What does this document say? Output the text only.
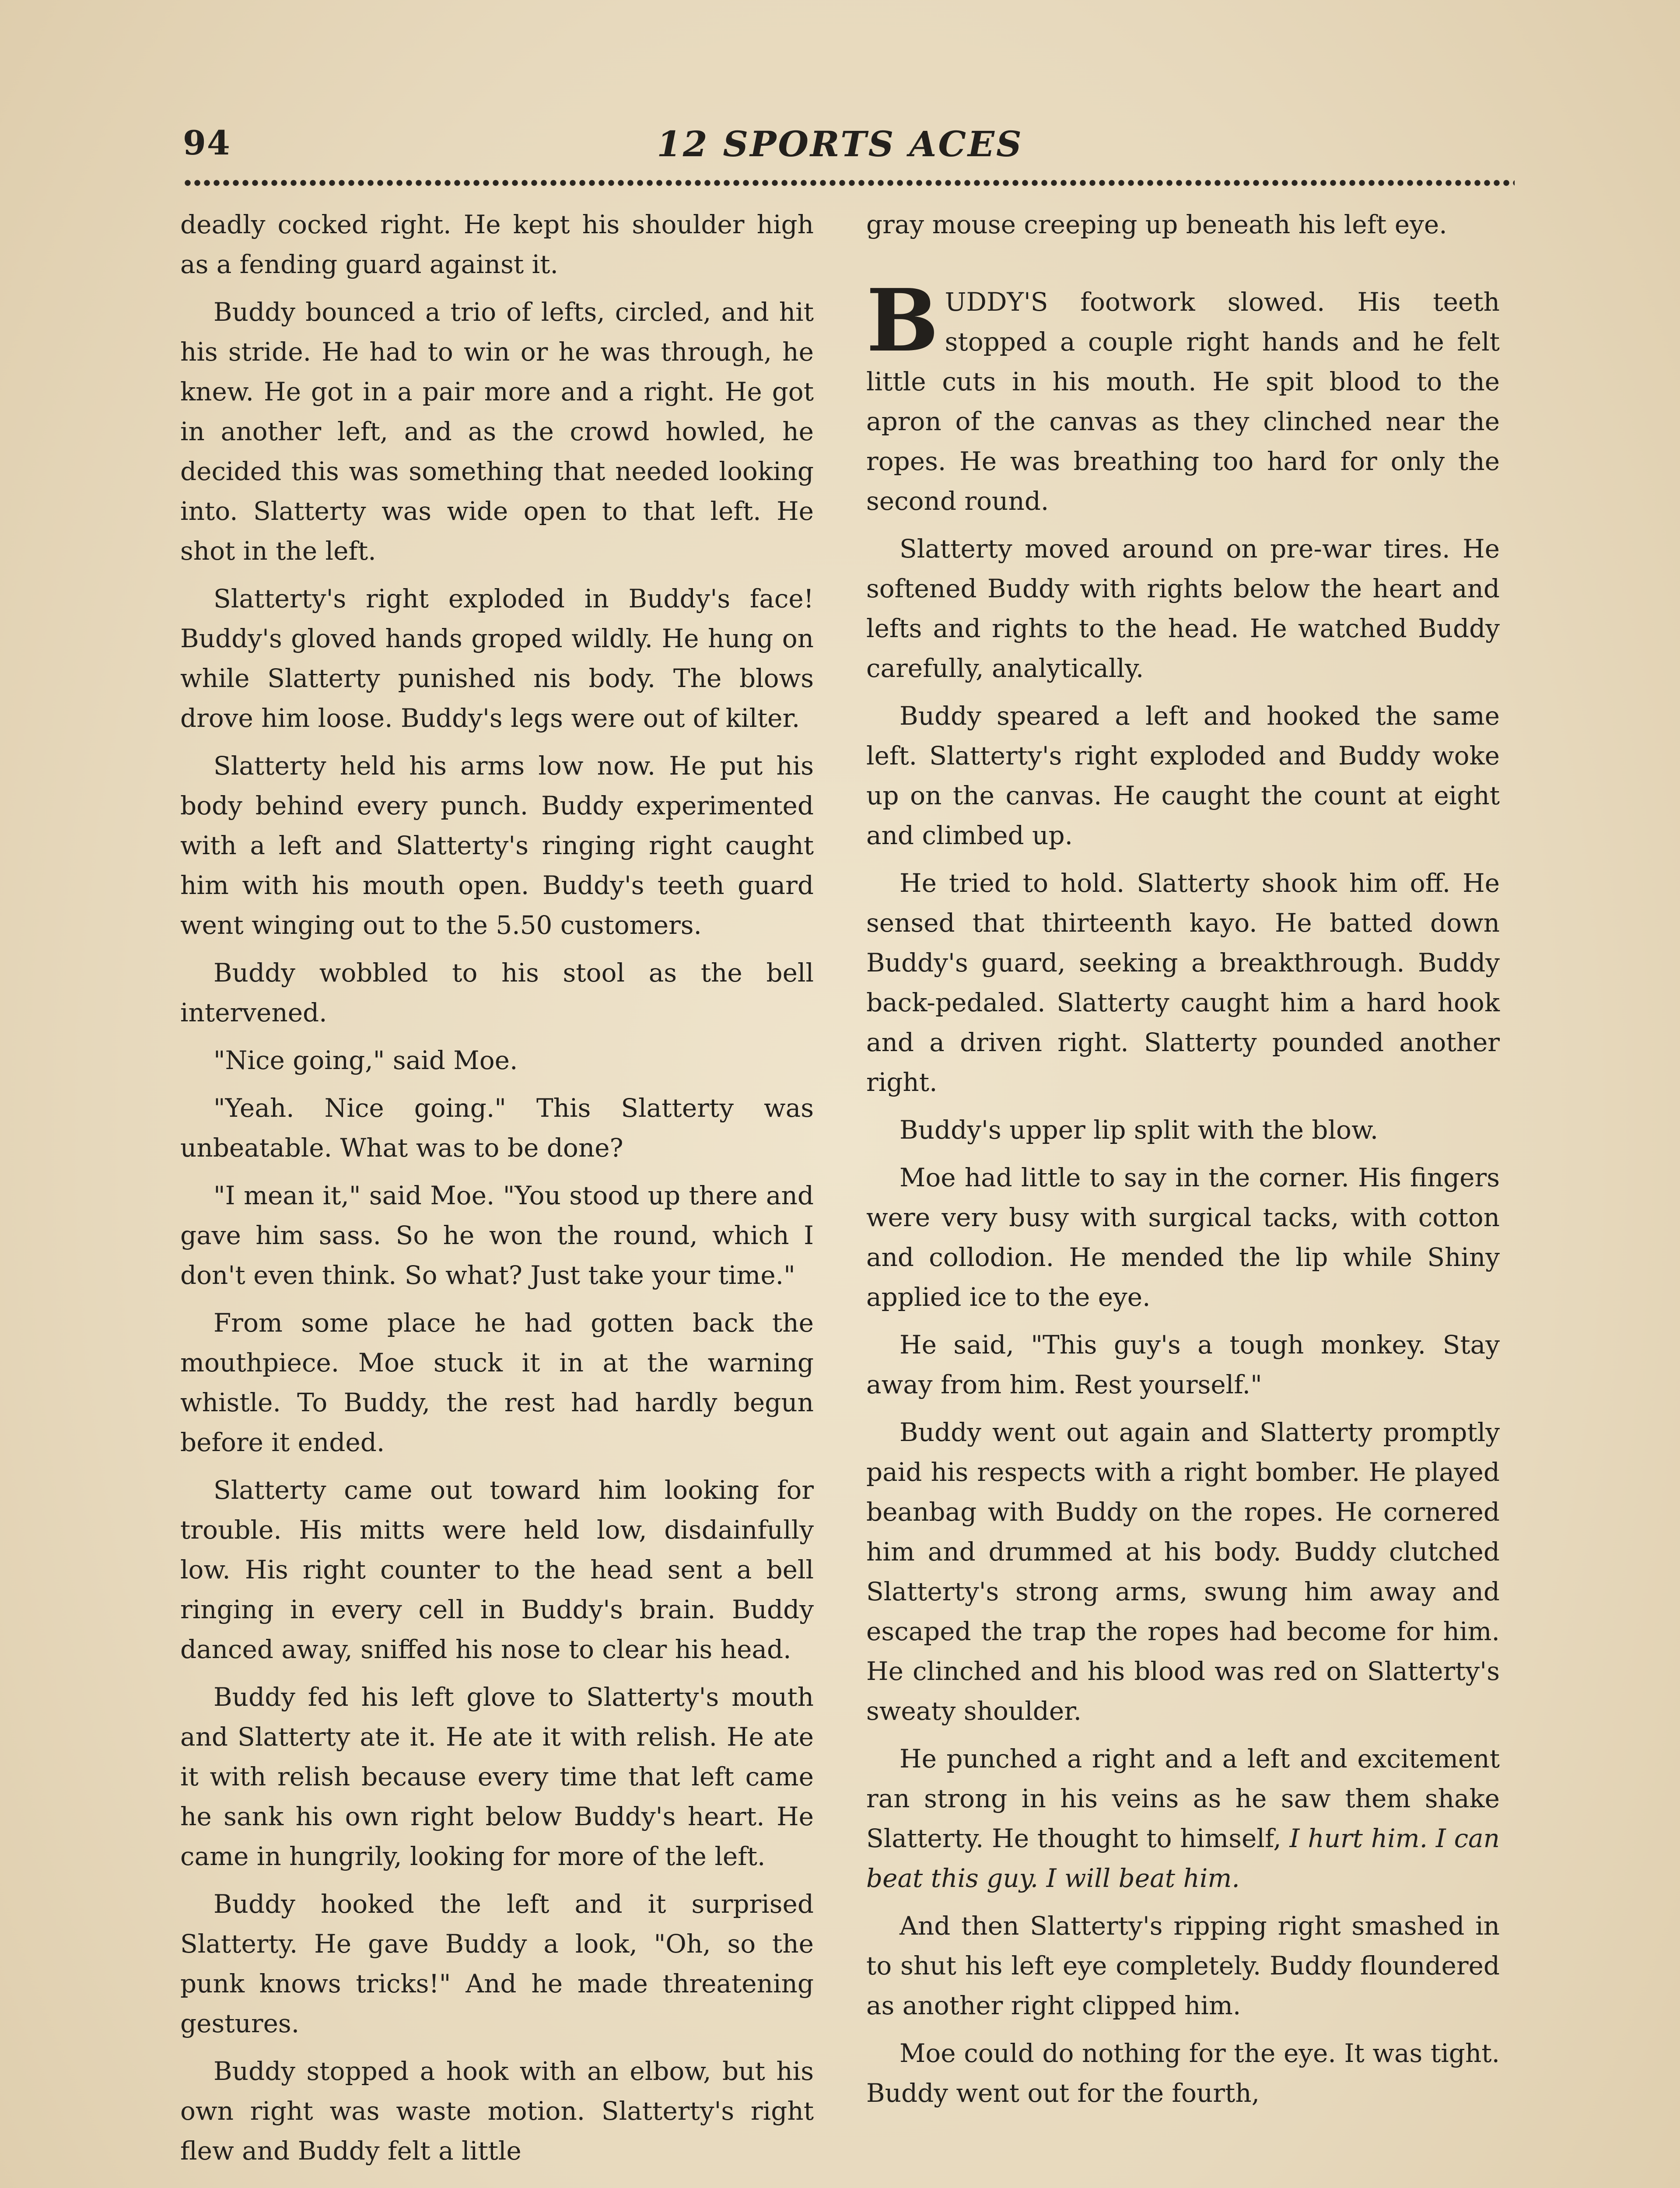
94	12 SPORTS ACES

deadly cocked right. He kept his shoulder high as a fending guard against it.

Buddy bounced a trio of lefts, circled, and hit his stride. He had to win or he was through, he knew. He got in a pair more and a right. He got in another left, and as the crowd howled, he decided this was something that needed looking into. Slatterty was wide open to that left. He shot in the left.

Slatterty's right exploded in Buddy's face! Buddy's gloved hands groped wildly. He hung on while Slatterty punished nis body. The blows drove him loose. Buddy's legs were out of kilter.

Slatterty held his arms low now. He put his body behind every punch. Buddy experimented with a left and Slatterty's ringing right caught him with his mouth open. Buddy's teeth guard went winging out to the 5.50 customers.

Buddy wobbled to his stool as the bell intervened.

"Nice going," said Moe.

"Yeah. Nice going." This Slatterty was unbeatable. What was to be done?

"I mean it," said Moe. "You stood up there and gave him sass. So he won the round, which I don't even think. So what? Just take your time."

From some place he had gotten back the mouthpiece. Moe stuck it in at the warning whistle. To Buddy, the rest had hardly begun before it ended.

Slatterty came out toward him looking for trouble. His mitts were held low, disdainfully low. His right counter to the head sent a bell ringing in every cell in Buddy's brain. Buddy danced away, sniffed his nose to clear his head.

Buddy fed his left glove to Slatterty's mouth and Slatterty ate it. He ate it with relish. He ate it with relish because every time that left came he sank his own right below Buddy's heart. He came in hungrily, looking for more of the left.

Buddy hooked the left and it surprised Slatterty. He gave Buddy a look, "Oh, so the punk knows tricks!" And he made threatening gestures.

Buddy stopped a hook with an elbow, but his own right was waste motion. Slatterty's right flew and Buddy felt a little

gray mouse creeping up beneath his left eye.

BUDDY'S footwork slowed. His teeth stopped a couple right hands and he felt little cuts in his mouth. He spit blood to the apron of the canvas as they clinched near the ropes. He was breathing too hard for only the second round.

Slatterty moved around on pre-war tires. He softened Buddy with rights below the heart and lefts and rights to the head. He watched Buddy carefully, analytically.

Buddy speared a left and hooked the same left. Slatterty's right exploded and Buddy woke up on the canvas. He caught the count at eight and climbed up.

He tried to hold. Slatterty shook him off. He sensed that thirteenth kayo. He batted down Buddy's guard, seeking a breakthrough. Buddy back-pedaled. Slatterty caught him a hard hook and a driven right. Slatterty pounded another right.

Buddy's upper lip split with the blow.

Moe had little to say in the corner. His fingers were very busy with surgical tacks, with cotton and collodion. He mended the lip while Shiny applied ice to the eye.

He said, "This guy's a tough monkey. Stay away from him. Rest yourself."

Buddy went out again and Slatterty promptly paid his respects with a right bomber. He played beanbag with Buddy on the ropes. He cornered him and drummed at his body. Buddy clutched Slatterty's strong arms, swung him away and escaped the trap the ropes had become for him. He clinched and his blood was red on Slatterty's sweaty shoulder.

He punched a right and a left and excitement ran strong in his veins as he saw them shake Slatterty. He thought to himself, I hurt him. I can beat this guy. I will beat him.

And then Slatterty's ripping right smashed in to shut his left eye completely. Buddy floundered as another right clipped him.

Moe could do nothing for the eye. It was tight. Buddy went out for the fourth,
